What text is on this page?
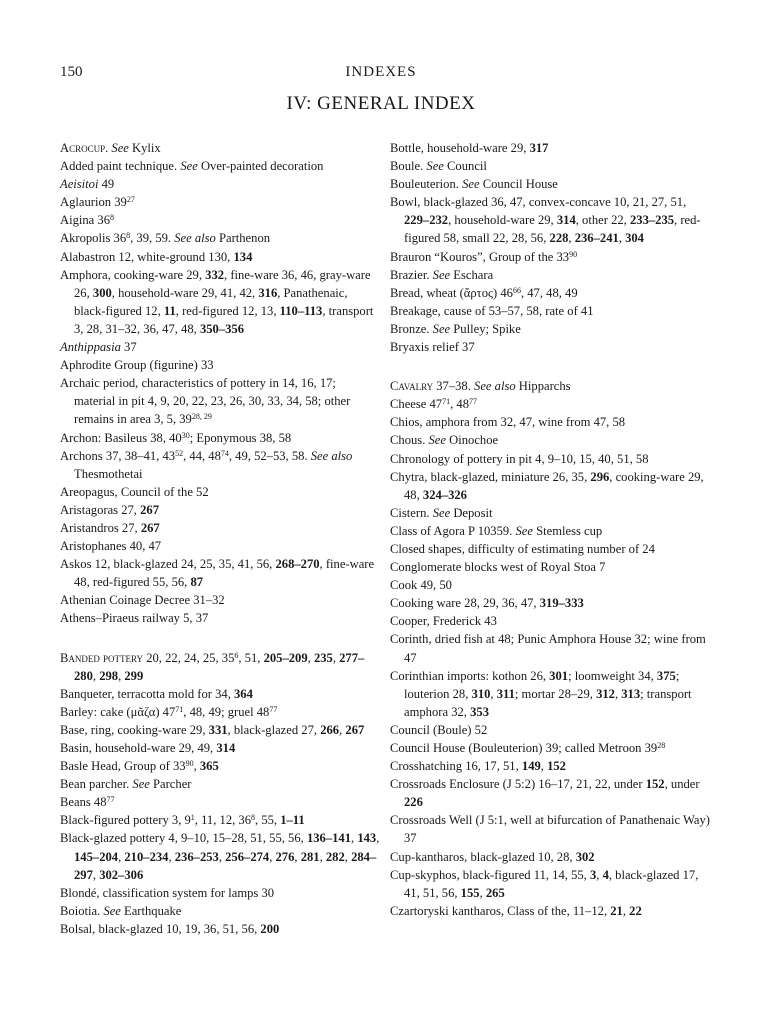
150	INDEXES
IV: GENERAL INDEX
Acrocup. See Kylix
Added paint technique. See Over-painted decoration
Aeisitoi 49
Aglaurion $39^{27}$
Aigina $36^8$
Akropolis $36^8$, 39, 59. See also Parthenon
Alabastron 12, white-ground 130, 134
Amphora, cooking-ware 29, 332, fine-ware 36, 46, gray-ware 26, 300, household-ware 29, 41, 42, 316, Panathenaic, black-figured 12, 11, red-figured 12, 13, 110–113, transport 3, 28, 31–32, 36, 47, 48, 350–356
Anthippasia 37
Aphrodite Group (figurine) 33
Archaic period, characteristics of pottery in 14, 16, 17; material in pit 4, 9, 20, 22, 23, 26, 30, 33, 34, 58; other remains in area 3, 5, 39$^{28, 29}$
Archon: Basileus 38, $40^{30}$; Eponymous 38, 58
Archons 37, 38–41, $43^{52}$, 44, $48^{74}$, 49, 52–53, 58. See also Thesmothetai
Areopagus, Council of the 52
Aristagoras 27, 267
Aristandros 27, 267
Aristophanes 40, 47
Askos 12, black-glazed 24, 25, 35, 41, 56, 268–270, fine-ware 48, red-figured 55, 56, 87
Athenian Coinage Decree 31–32
Athens–Piraeus railway 5, 37
Banded pottery 20, 22, 24, 25, $35^6$, 51, 205–209, 235, 277–280, 298, 299
Banqueter, terracotta mold for 34, 364
Barley: cake (μᾶζα) $47^{71}$, 48, 49; gruel $48^{77}$
Base, ring, cooking-ware 29, 331, black-glazed 27, 266, 267
Basin, household-ware 29, 49, 314
Basle Head, Group of $33^{90}$, 365
Bean parcher. See Parcher
Beans $48^{77}$
Black-figured pottery 3, $9^1$, 11, 12, $36^8$, 55, 1–11
Black-glazed pottery 4, 9–10, 15–28, 51, 55, 56, 136–141, 143, 145–204, 210–234, 236–253, 256–274, 276, 281, 282, 284–297, 302–306
Blondé, classification system for lamps 30
Boiotia. See Earthquake
Bolsal, black-glazed 10, 19, 36, 51, 56, 200
Bottle, household-ware 29, 317
Boule. See Council
Bouleuterion. See Council House
Bowl, black-glazed 36, 47, convex-concave 10, 21, 27, 51, 229–232, household-ware 29, 314, other 22, 233–235, red-figured 58, small 22, 28, 56, 228, 236–241, 304
Brauron “Kouros”, Group of the $33^{90}$
Brazier. See Eschara
Bread, wheat (ἄρτος) $46^{66}$, 47, 48, 49
Breakage, cause of 53–57, 58, rate of 41
Bronze. See Pulley; Spike
Bryaxis relief 37
Cavalry 37–38. See also Hipparchs
Cheese $47^{71}$, $48^{77}$
Chios, amphora from 32, 47, wine from 47, 58
Chous. See Oinochoe
Chronology of pottery in pit 4, 9–10, 15, 40, 51, 58
Chytra, black-glazed, miniature 26, 35, 296, cooking-ware 29, 48, 324–326
Cistern. See Deposit
Class of Agora P 10359. See Stemless cup
Closed shapes, difficulty of estimating number of 24
Conglomerate blocks west of Royal Stoa 7
Cook 49, 50
Cooking ware 28, 29, 36, 47, 319–333
Cooper, Frederick 43
Corinth, dried fish at 48; Punic Amphora House 32; wine from 47
Corinthian imports: kothon 26, 301; loomweight 34, 375; louterion 28, 310, 311; mortar 28–29, 312, 313; transport amphora 32, 353
Council (Boule) 52
Council House (Bouleuterion) 39; called Metroon $39^{28}$
Crosshatching 16, 17, 51, 149, 152
Crossroads Enclosure (J 5:2) 16–17, 21, 22, under 152, under 226
Crossroads Well (J 5:1, well at bifurcation of Panathenaic Way) 37
Cup-kantharos, black-glazed 10, 28, 302
Cup-skyphos, black-figured 11, 14, 55, 3, 4, black-glazed 17, 41, 51, 56, 155, 265
Czartoryski kantharos, Class of the, 11–12, 21, 22
